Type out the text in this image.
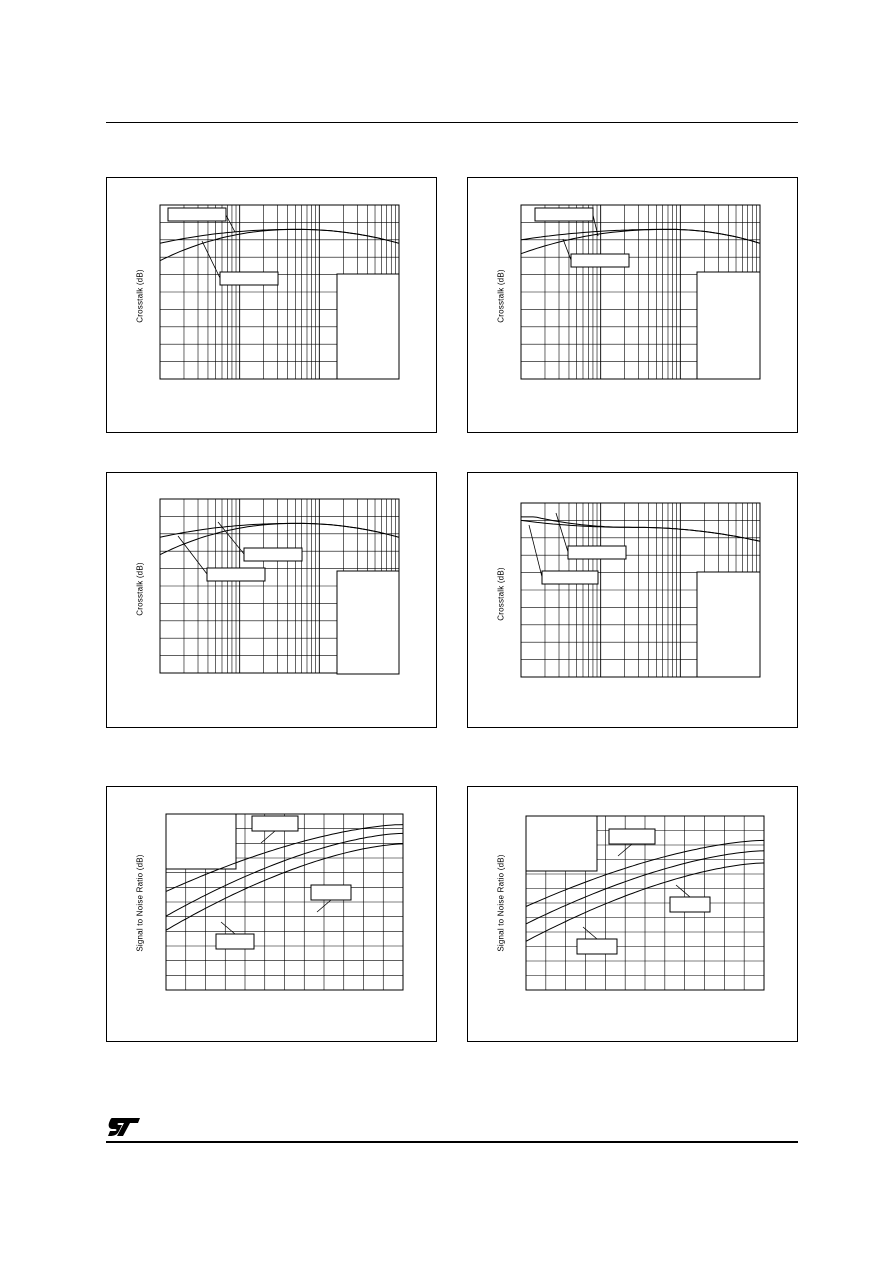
Crosstalk (dB)	Crosstalk (dB)
Crosstalk (dB)	Crosstalk (dB)
Signal to Noise Ratio (dB)	Signal to Noise Ratio (dB)
